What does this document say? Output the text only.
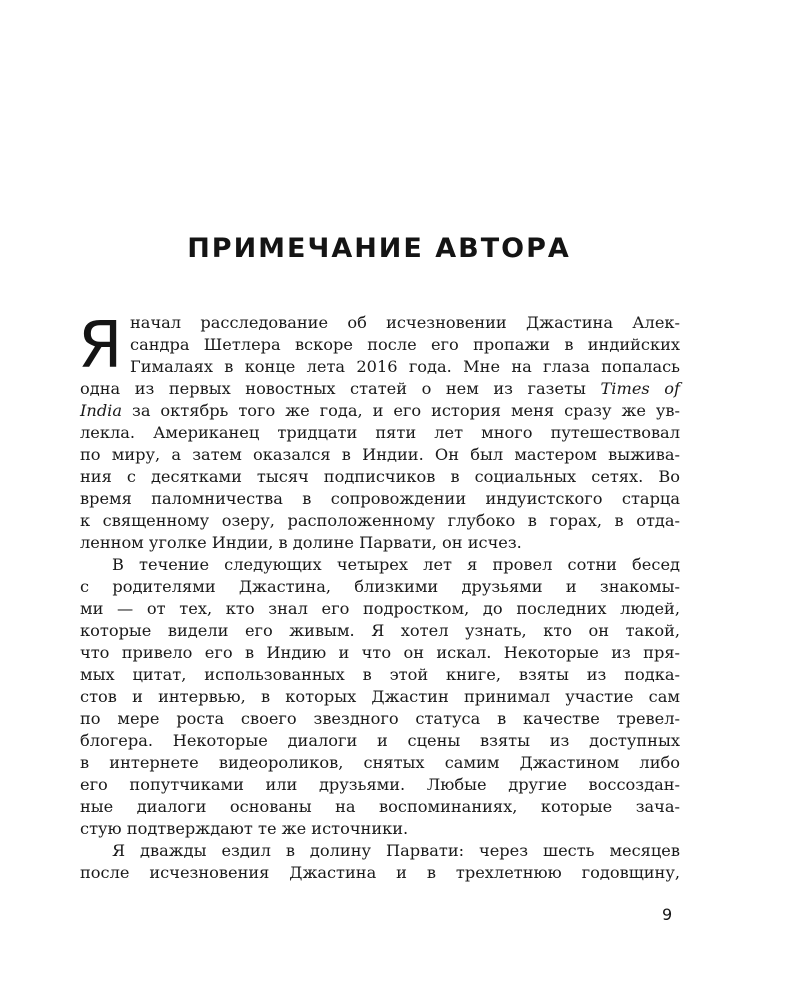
ПРИМЕЧАНИЕ АВТОРА
Я начал расследование об исчезновении Джастина Алек-
сандра Шетлера вскоре после его пропажи в индийских
Гималаях в конце лета 2016 года. Мне на глаза попалась
одна из первых новостных статей о нем из газеты Times of
India за октябрь того же года, и его история меня сразу же ув-
лекла. Американец тридцати пяти лет много путешествовал
по миру, а затем оказался в Индии. Он был мастером выжива-
ния с десятками тысяч подписчиков в социальных сетях. Во
время паломничества в сопровождении индуистского старца
к священному озеру, расположенному глубоко в горах, в отда-
ленном уголке Индии, в долине Парвати, он исчез.
В течение следующих четырех лет я провел сотни бесед
с родителями Джастина, близкими друзьями и знакомы-
ми — от тех, кто знал его подростком, до последних людей,
которые видели его живым. Я хотел узнать, кто он такой,
что привело его в Индию и что он искал. Некоторые из пря-
мых цитат, использованных в этой книге, взяты из подка-
стов и интервью, в которых Джастин принимал участие сам
по мере роста своего звездного статуса в качестве тревел-
блогера. Некоторые диалоги и сцены взяты из доступных
в интернете видеороликов, снятых самим Джастином либо
его попутчиками или друзьями. Любые другие воссоздан-
ные диалоги основаны на воспоминаниях, которые зача-
стую подтверждают те же источники.
Я дважды ездил в долину Парвати: через шесть месяцев
после исчезновения Джастина и в трехлетнюю годовщину,
9
